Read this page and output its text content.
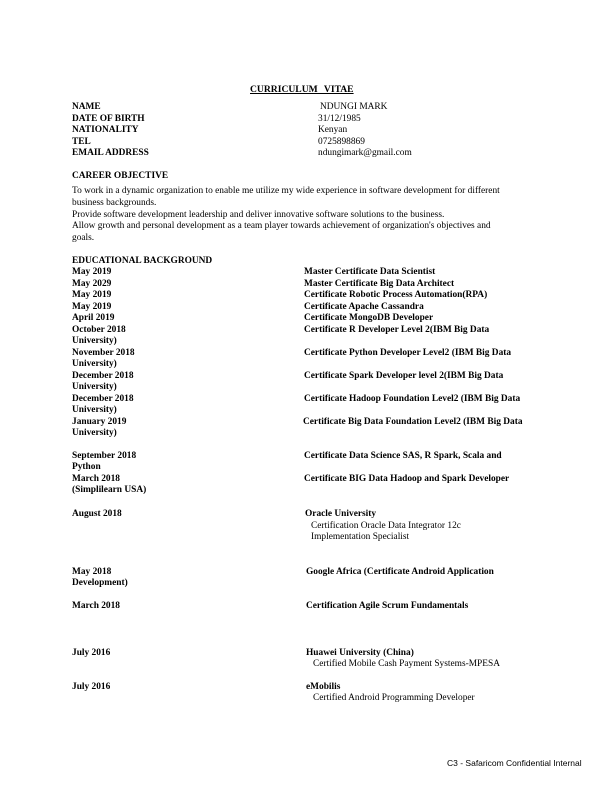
CURRICULUM VITAE
NAME	NDUNGI MARK
DATE OF BIRTH	31/12/1985
NATIONALITY	Kenyan
TEL	0725898869
EMAIL ADDRESS	ndungimark@gmail.com
CAREER OBJECTIVE
To work in a dynamic organization to enable me utilize my wide experience in software development for different
business backgrounds.
Provide software development leadership and deliver innovative software solutions to the business.
Allow growth and personal development as a team player towards achievement of organization's objectives and
goals.
EDUCATIONAL BACKGROUND
May 2019	Master Certificate Data Scientist
May 2029	Master Certificate Big Data Architect
May 2019	Certificate Robotic Process Automation(RPA)
May 2019	Certificate Apache Cassandra
April 2019	Certificate MongoDB Developer
October 2018	Certificate R Developer Level 2(IBM Big Data
University)
November 2018	Certificate Python Developer Level2 (IBM Big Data
University)
December 2018	Certificate Spark Developer level 2(IBM Big Data
University)
December 2018	Certificate Hadoop Foundation Level2 (IBM Big Data
University)
January 2019	Certificate Big Data Foundation Level2 (IBM Big Data
University)
September 2018	Certificate Data Science SAS, R Spark, Scala and
Python
March 2018	Certificate BIG Data Hadoop and Spark Developer
(Simplilearn USA)
August 2018	Oracle University
Certification Oracle Data Integrator 12c
Implementation Specialist
May 2018	Google Africa (Certificate Android Application
Development)
March 2018	Certification Agile Scrum Fundamentals
July 2016	Huawei University (China)
Certified Mobile Cash Payment Systems-MPESA
July 2016	eMobilis
Certified Android Programming Developer
C3 - Safaricom Confidential Internal
